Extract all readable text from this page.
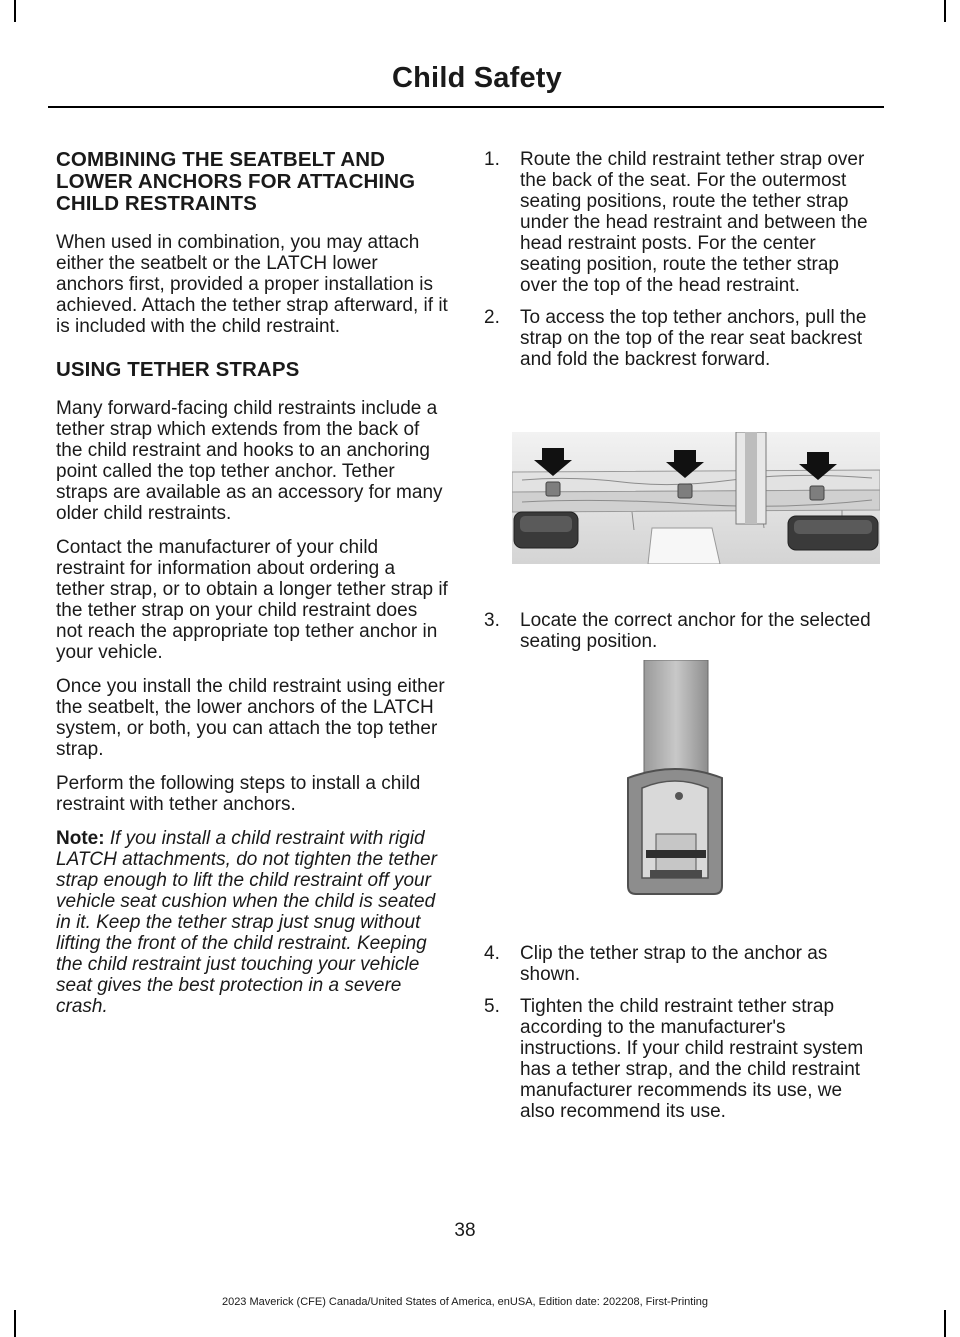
Child Safety
COMBINING THE SEATBELT AND LOWER ANCHORS FOR ATTACHING CHILD RESTRAINTS

When used in combination, you may attach either the seatbelt or the LATCH lower anchors first, provided a proper installation is achieved. Attach the tether strap afterward, if it is included with the child restraint.

USING TETHER STRAPS

Many forward-facing child restraints include a tether strap which extends from the back of the child restraint and hooks to an anchoring point called the top tether anchor. Tether straps are available as an accessory for many older child restraints.

Contact the manufacturer of your child restraint for information about ordering a tether strap, or to obtain a longer tether strap if the tether strap on your child restraint does not reach the appropriate top tether anchor in your vehicle.

Once you install the child restraint using either the seatbelt, the lower anchors of the LATCH system, or both, you can attach the top tether strap.

Perform the following steps to install a child restraint with tether anchors.

Note: If you install a child restraint with rigid LATCH attachments, do not tighten the tether strap enough to lift the child restraint off your vehicle seat cushion when the child is seated in it. Keep the tether strap just snug without lifting the front of the child restraint. Keeping the child restraint just touching your vehicle seat gives the best protection in a severe crash.

1. Route the child restraint tether strap over the back of the seat. For the outermost seating positions, route the tether strap under the head restraint and between the head restraint posts. For the center seating position, route the tether strap over the top of the head restraint.
2. To access the top tether anchors, pull the strap on the top of the rear seat backrest and fold the backrest forward.
3. Locate the correct anchor for the selected seating position.
4. Clip the tether strap to the anchor as shown.
5. Tighten the child restraint tether strap according to the manufacturer's instructions. If your child restraint system has a tether strap, and the child restraint manufacturer recommends its use, we also recommend its use.
38
2023 Maverick (CFE) Canada/United States of America, enUSA, Edition date: 202208, First-Printing
